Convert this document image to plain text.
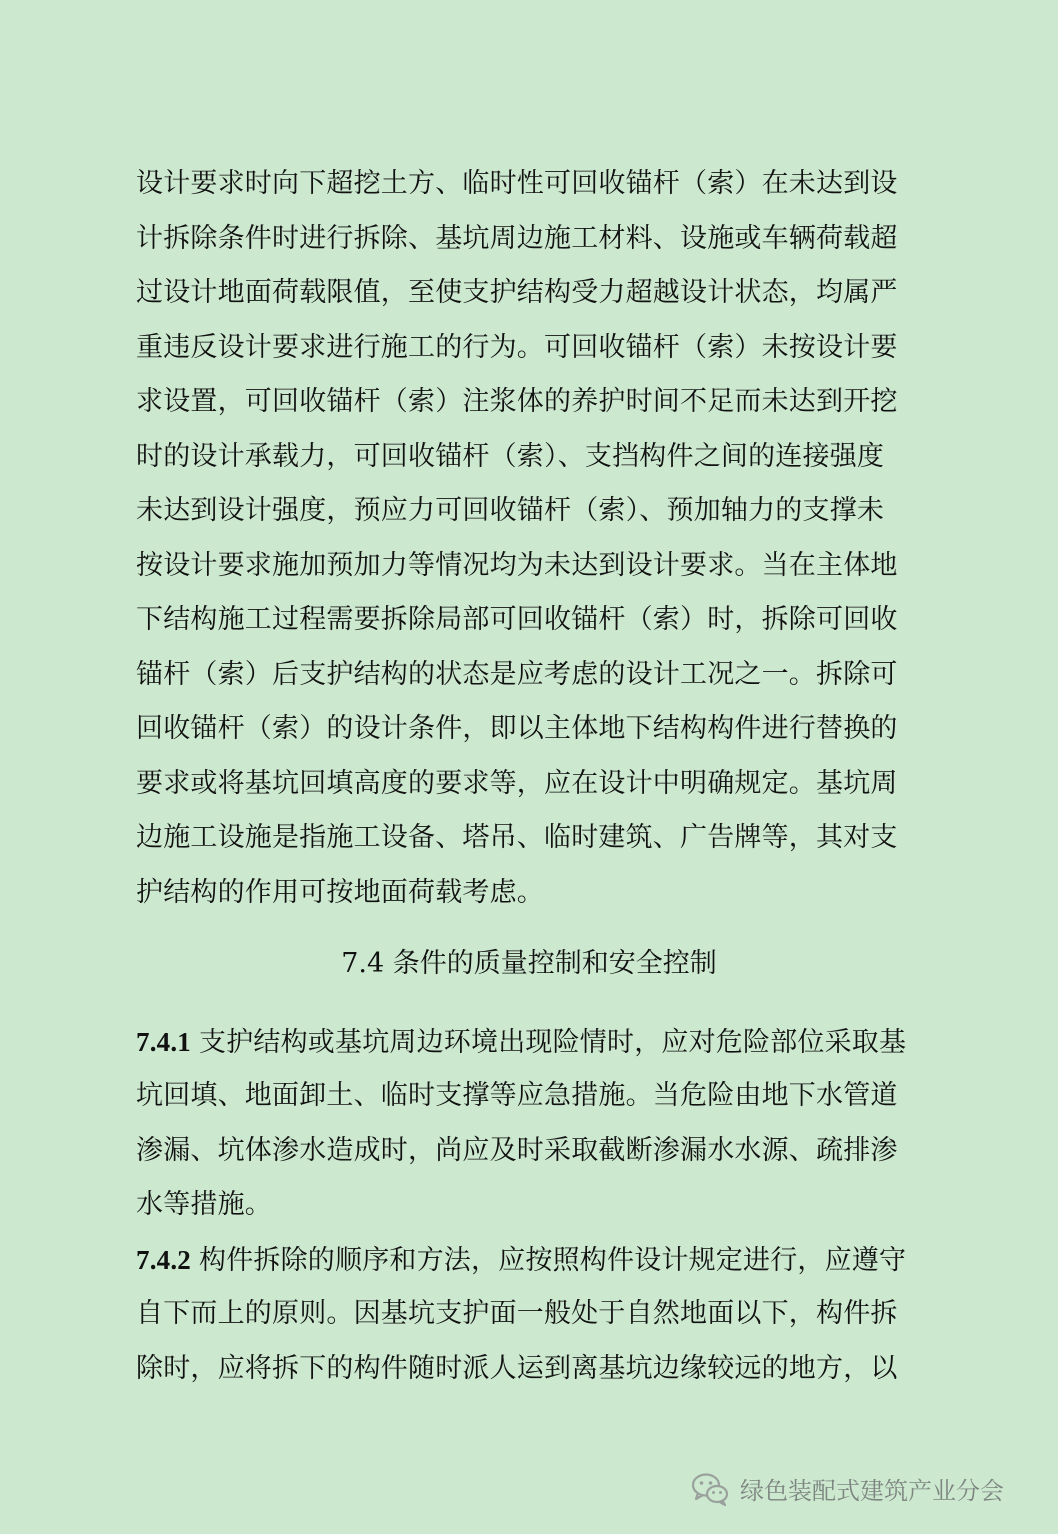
设计要求时向下超挖土方、临时性可回收锚杆（索）在未达到设
计拆除条件时进行拆除、基坑周边施工材料、设施或车辆荷载超
过设计地面荷载限值，至使支护结构受力超越设计状态，均属严
重违反设计要求进行施工的行为。可回收锚杆（索）未按设计要
求设置，可回收锚杆（索）注浆体的养护时间不足而未达到开挖
时的设计承载力，可回收锚杆（索）、支挡构件之间的连接强度
未达到设计强度，预应力可回收锚杆（索）、预加轴力的支撑未
按设计要求施加预加力等情况均为未达到设计要求。当在主体地
下结构施工过程需要拆除局部可回收锚杆（索）时，拆除可回收
锚杆（索）后支护结构的状态是应考虑的设计工况之一。拆除可
回收锚杆（索）的设计条件，即以主体地下结构构件进行替换的
要求或将基坑回填高度的要求等，应在设计中明确规定。基坑周
边施工设施是指施工设备、塔吊、临时建筑、广告牌等，其对支
护结构的作用可按地面荷载考虑。
7.4 条件的质量控制和安全控制
7.4.1 支护结构或基坑周边环境出现险情时，应对危险部位采取基
坑回填、地面卸土、临时支撑等应急措施。当危险由地下水管道
渗漏、坑体渗水造成时，尚应及时采取截断渗漏水水源、疏排渗
水等措施。
7.4.2 构件拆除的顺序和方法，应按照构件设计规定进行，应遵守
自下而上的原则。因基坑支护面一般处于自然地面以下，构件拆
除时，应将拆下的构件随时派人运到离基坑边缘较远的地方，以
绿色装配式建筑产业分会
